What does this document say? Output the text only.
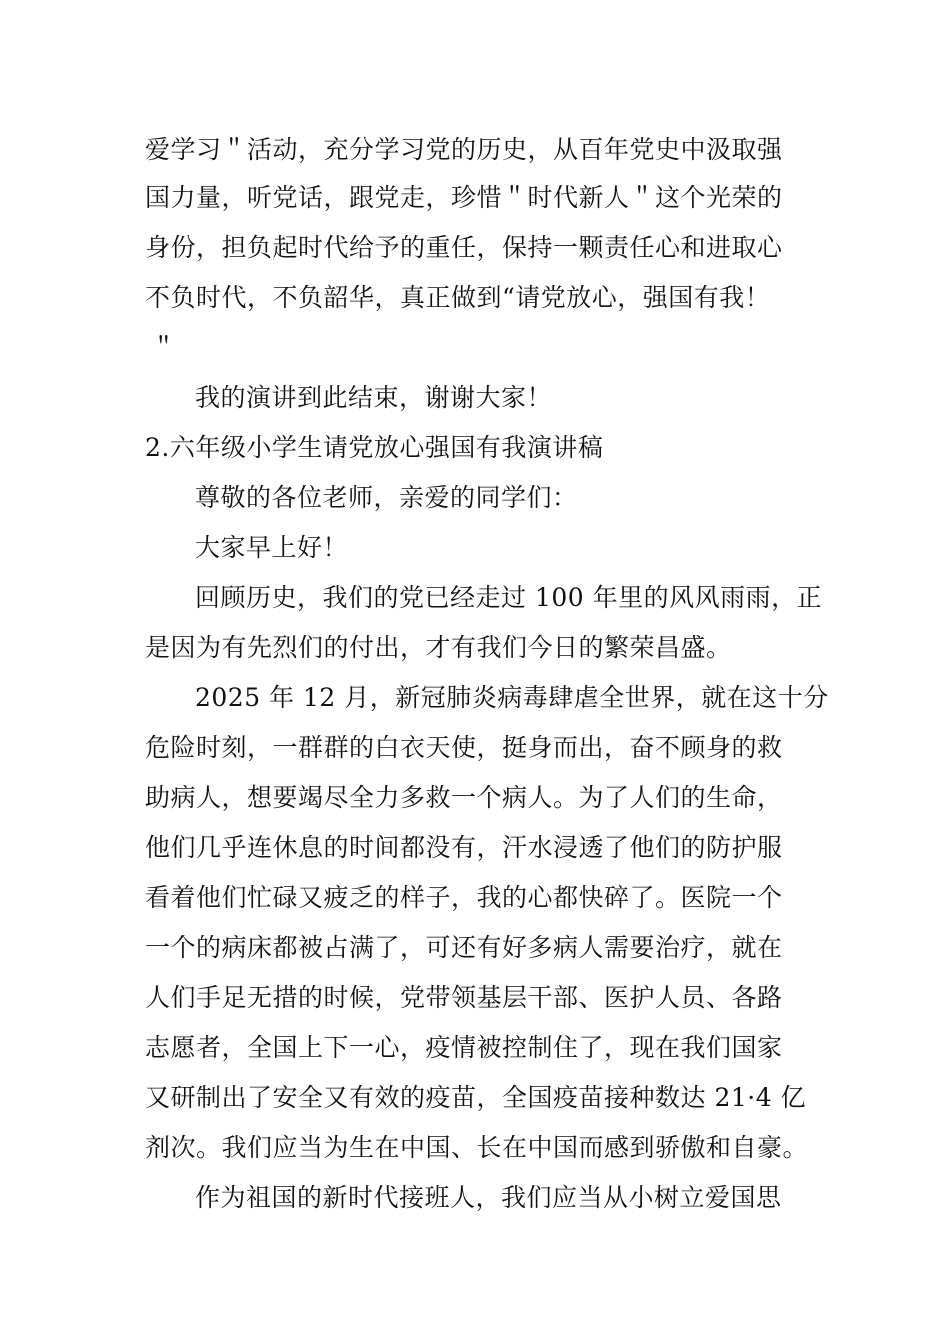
爱学习＂活动，充分学习党的历史，从百年党史中汲取强
国力量，听党话，跟党走，珍惜＂时代新人＂这个光荣的
身份，担负起时代给予的重任，保持一颗责任心和进取心
不负时代，不负韶华，真正做到“请党放心，强国有我！
＂
我的演讲到此结束，谢谢大家！
2.六年级小学生请党放心强国有我演讲稿
尊敬的各位老师，亲爱的同学们：
大家早上好！
回顾历史，我们的党已经走过 100 年里的风风雨雨，正
是因为有先烈们的付出，才有我们今日的繁荣昌盛。
2025 年 12 月，新冠肺炎病毒肆虐全世界，就在这十分
危险时刻，一群群的白衣天使，挺身而出，奋不顾身的救
助病人，想要竭尽全力多救一个病人。为了人们的生命，
他们几乎连休息的时间都没有，汗水浸透了他们的防护服
看着他们忙碌又疲乏的样子，我的心都快碎了。医院一个
一个的病床都被占满了，可还有好多病人需要治疗，就在
人们手足无措的时候，党带领基层干部、医护人员、各路
志愿者，全国上下一心，疫情被控制住了，现在我们国家
又研制出了安全又有效的疫苗，全国疫苗接种数达 21·4 亿
剂次。我们应当为生在中国、长在中国而感到骄傲和自豪。
作为祖国的新时代接班人，我们应当从小树立爱国思
